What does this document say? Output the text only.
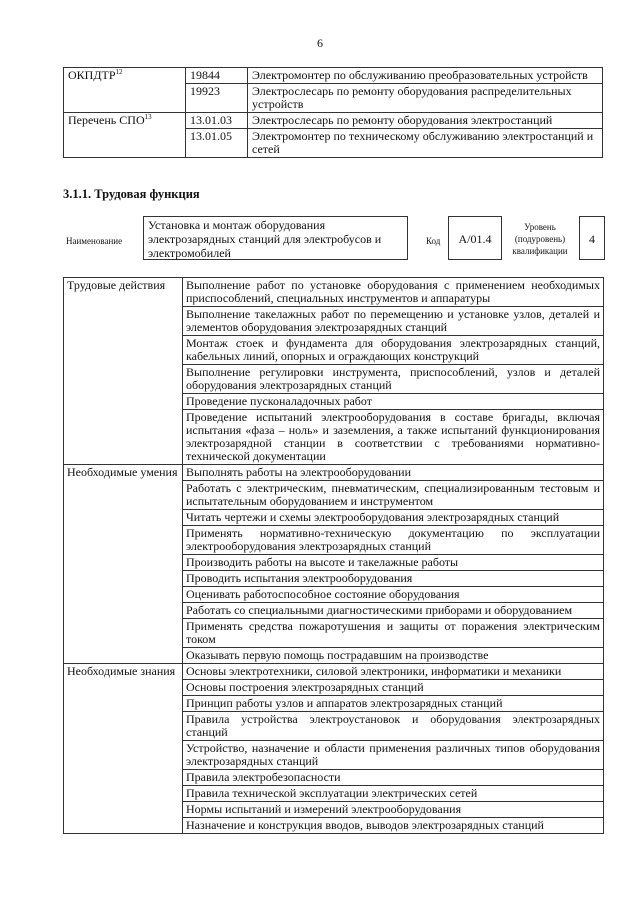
6
ОКПДТР$^{12}$	19844	Электромонтер по обслуживанию преобразовательных устройств
	19923	Электрослесарь по ремонту оборудования распределительных устройств
Перечень СПО$^{13}$	13.01.03	Электрослесарь по ремонту оборудования электростанций
	13.01.05	Электромонтер по техническому обслуживанию электростанций и сетей
3.1.1. Трудовая функция
Наименование
Установка и монтаж оборудования электрозарядных станций для электробусов и электромобилей
Код	A/01.4
Уровень
(подуровень)
квалификации
4
Трудовые действия	Выполнение работ по установке оборудования с применением необходимых приспособлений, специальных инструментов и аппаратуры
	Выполнение такелажных работ по перемещению и установке узлов, деталей и элементов оборудования электрозарядных станций
	Монтаж стоек и фундамента для оборудования электрозарядных станций, кабельных линий, опорных и ограждающих конструкций
	Выполнение регулировки инструмента, приспособлений, узлов и деталей оборудования электрозарядных станций
	Проведение пусконаладочных работ
	Проведение испытаний электрооборудования в составе бригады, включая испытания «фаза – ноль» и заземления, а также испытаний функционирования электрозарядной станции в соответствии с требованиями нормативно-технической документации
Необходимые умения	Выполнять работы на электрооборудовании
	Работать с электрическим, пневматическим, специализированным тестовым и испытательным оборудованием и инструментом
	Читать чертежи и схемы электрооборудования электрозарядных станций
	Применять нормативно-техническую документацию по эксплуатации электрооборудования электрозарядных станций
	Производить работы на высоте и такелажные работы
	Проводить испытания электрооборудования
	Оценивать работоспособное состояние оборудования
	Работать со специальными диагностическими приборами и оборудованием
	Применять средства пожаротушения и защиты от поражения электрическим током
	Оказывать первую помощь пострадавшим на производстве
Необходимые знания	Основы электротехники, силовой электроники, информатики и механики
	Основы построения электрозарядных станций
	Принцип работы узлов и аппаратов электрозарядных станций
	Правила устройства электроустановок и оборудования электрозарядных станций
	Устройство, назначение и области применения различных типов оборудования электрозарядных станций
	Правила электробезопасности
	Правила технической эксплуатации электрических сетей
	Нормы испытаний и измерений электрооборудования
	Назначение и конструкция вводов, выводов электрозарядных станций
